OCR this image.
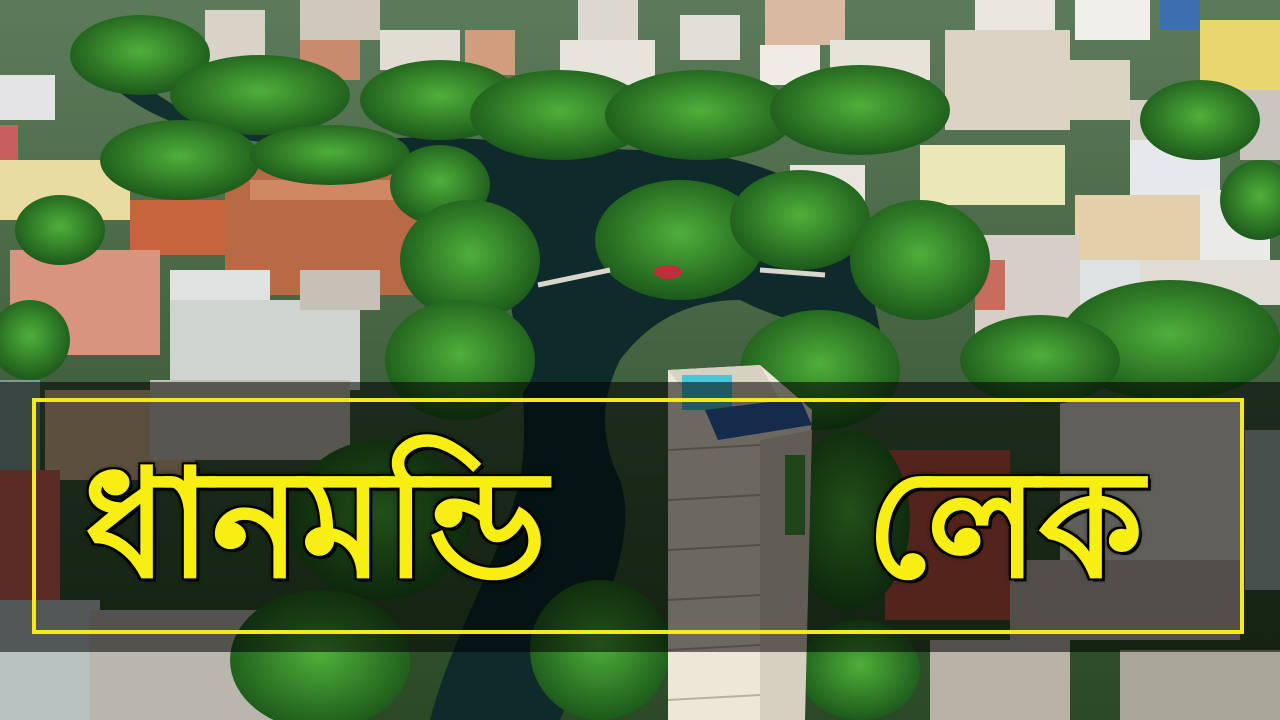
ধানমন্ডি	লেক
